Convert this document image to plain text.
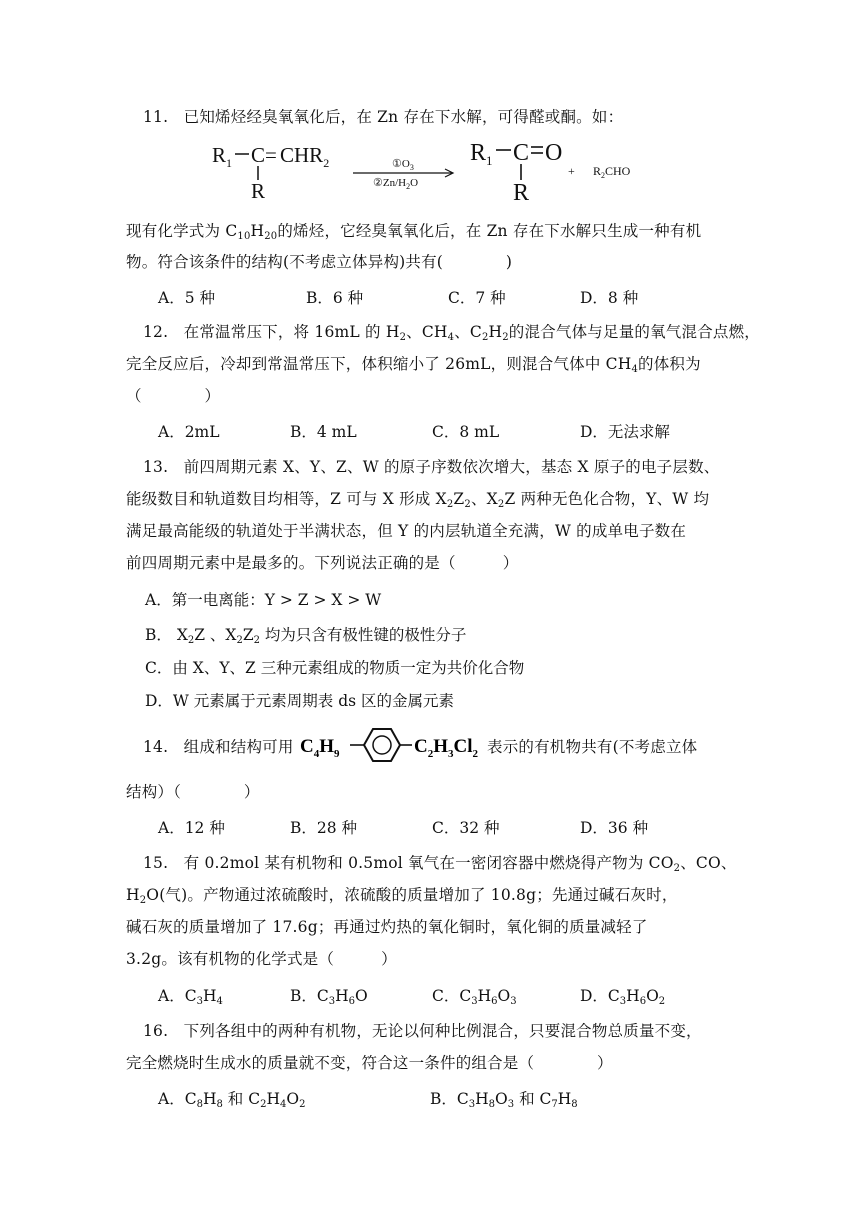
11. 已知烯烃经臭氧氧化后，在 Zn 存在下水解，可得醛或酮。如：
$R_1$ $C = CHR_2$
R
$①O_3$
②Zn/$H_2O$
$R_1$ C O
R
+ $R_2CHO$
现有化学式为 $C_{10}H_{20}$的烯烃，它经臭氧氧化后，在 Zn 存在下水解只生成一种有机
物。符合该条件的结构(不考虑立体异构)共有(　　　　)
A．5 种	B．6 种	C．7 种	D．8 种
12. 在常温常压下，将 16mL 的 $H_2$、$CH_4$、$C_2H_2$的混合气体与足量的氧气混合点燃，
完全反应后，冷却到常温常压下，体积缩小了 26mL，则混合气体中 $CH_4$的体积为
（　　　　）
A．2mL	B．4 mL	C．8 mL	D．无法求解
13. 前四周期元素 X、Y、Z、W 的原子序数依次增大，基态 X 原子的电子层数、
能级数目和轨道数目均相等，Z 可与 X 形成 $X_2Z_2$、$X_2Z$ 两种无色化合物，Y、W 均
满足最高能级的轨道处于半满状态，但 Y 的内层轨道全充满，W 的成单电子数在
前四周期元素中是最多的。下列说法正确的是（　　　）
A．第一电离能：Y > Z > X > W
B． $X_2Z$ 、$X_2Z_2$ 均为只含有极性键的极性分子
C．由 X、Y、Z 三种元素组成的物质一定为共价化合物
D．W 元素属于元素周期表 ds 区的金属元素
14. 组成和结构可用 $C_4H_9$	$C_2H_3Cl_2$ 表示的有机物共有(不考虑立体
结构）（　　　　）
A．12 种	B．28 种	C．32 种	D．36 种
15. 有 0.2mol 某有机物和 0.5mol 氧气在一密闭容器中燃烧得产物为 $CO_2$、CO、
$H_2O$(气)。产物通过浓硫酸时，浓硫酸的质量增加了 10.8g；先通过碱石灰时，
碱石灰的质量增加了 17.6g；再通过灼热的氧化铜时，氧化铜的质量减轻了
3.2g。该有机物的化学式是（　　　）
A．$C_3H_4$	B．$C_3H_6O$	C．$C_3H_6O_3$	D．$C_3H_6O_2$
16. 下列各组中的两种有机物，无论以何种比例混合，只要混合物总质量不变，
完全燃烧时生成水的质量就不变，符合这一条件的组合是（　　　　）
A．$C_8H_8$ 和 $C_2H_4O_2$	B．$C_3H_8O_3$ 和 $C_7H_8$
